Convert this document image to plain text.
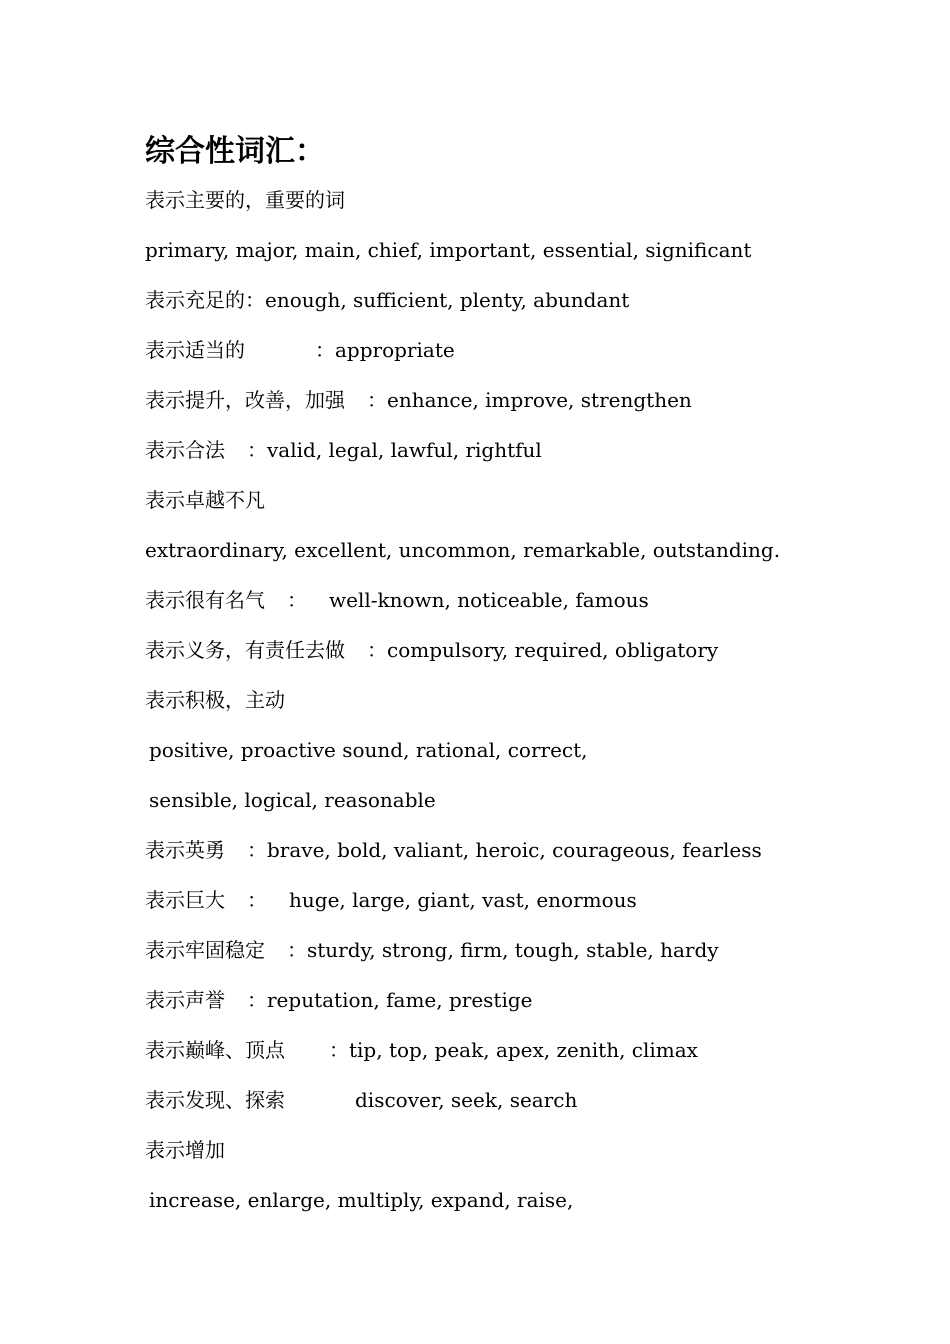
综合性词汇：
表示主要的，重要的词
primary, major, main, chief, important, essential, significant
表示充足的：enough, sufficient, plenty, abundant
表示适当的	：appropriate
表示提升，改善，加强 ：enhance, improve, strengthen
表示合法 ：valid, legal, lawful, rightful
表示卓越不凡
extraordinary, excellent, uncommon, remarkable, outstanding.
表示很有名气 ： well-known, noticeable, famous
表示义务，有责任去做 ：compulsory, required, obligatory
表示积极，主动
positive, proactive sound, rational, correct,
sensible, logical, reasonable
表示英勇 ：brave, bold, valiant, heroic, courageous, fearless
表示巨大 ： huge, large, giant, vast, enormous
表示牢固稳定 ：sturdy, strong, firm, tough, stable, hardy
表示声誉 ：reputation, fame, prestige
表示巅峰、顶点 ：tip, top, peak, apex, zenith, climax
表示发现、探索	discover, seek, search
表示增加
increase, enlarge, multiply, expand, raise,
